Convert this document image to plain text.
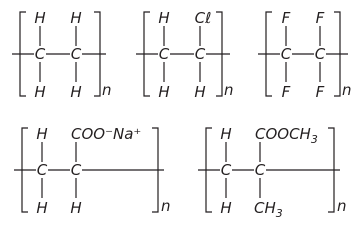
H H
C C
H H n
H Cℓ
C C
H H n
F F
C C
F F n
H COO⁻Na⁺
C C
H H	n
H $COOCH_3$
C C
H $CH_3$	n
